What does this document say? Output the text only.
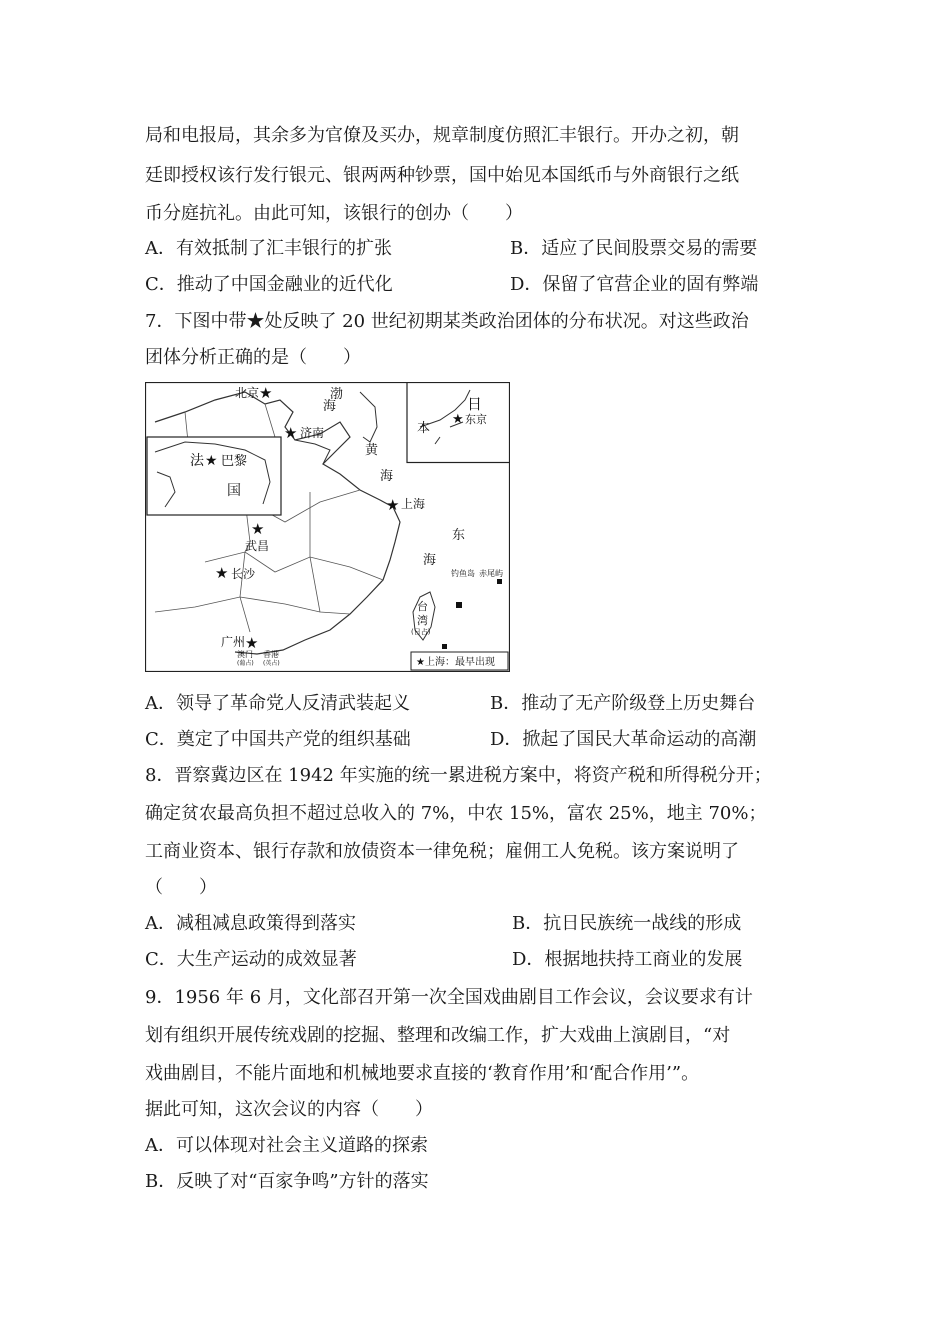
局和电报局，其余多为官僚及买办，规章制度仿照汇丰银行。开办之初，朝
廷即授权该行发行银元、银两两种钞票，国中始见本国纸币与外商银行之纸
币分庭抗礼。由此可知，该银行的创办（　　）
A．有效抵制了汇丰银行的扩张	B．适应了民间股票交易的需要
C．推动了中国金融业的近代化	D．保留了官营企业的固有弊端
7．下图中带★处反映了 20 世纪初期某类政治团体的分布状况。对这些政治
团体分析正确的是（　　）
日
本
★ 东京
法 ★ 巴黎
国
北京 ★
★ 济南
渤
海
黄
海
★ 上海
东
海
★
武昌
★ 长沙	钓鱼岛 赤尾屿
台
湾
(日占)
广州 ★
澳门 香港
(葡占) (英占)	★上海：最早出现
A．领导了革命党人反清武装起义	B．推动了无产阶级登上历史舞台
C．奠定了中国共产党的组织基础	D．掀起了国民大革命运动的高潮
8．晋察冀边区在 1942 年实施的统一累进税方案中，将资产税和所得税分开；
确定贫农最高负担不超过总收入的 7%，中农 15%，富农 25%，地主 70%；
工商业资本、银行存款和放债资本一律免税；雇佣工人免税。该方案说明了
（　　）
A．减租减息政策得到落实	B．抗日民族统一战线的形成
C．大生产运动的成效显著	D．根据地扶持工商业的发展
9．1956 年 6 月，文化部召开第一次全国戏曲剧目工作会议，会议要求有计
划有组织开展传统戏剧的挖掘、整理和改编工作，扩大戏曲上演剧目，“对
戏曲剧目，不能片面地和机械地要求直接的‘教育作用’和‘配合作用’”。
据此可知，这次会议的内容（　　）
A．可以体现对社会主义道路的探索
B．反映了对“百家争鸣”方针的落实
